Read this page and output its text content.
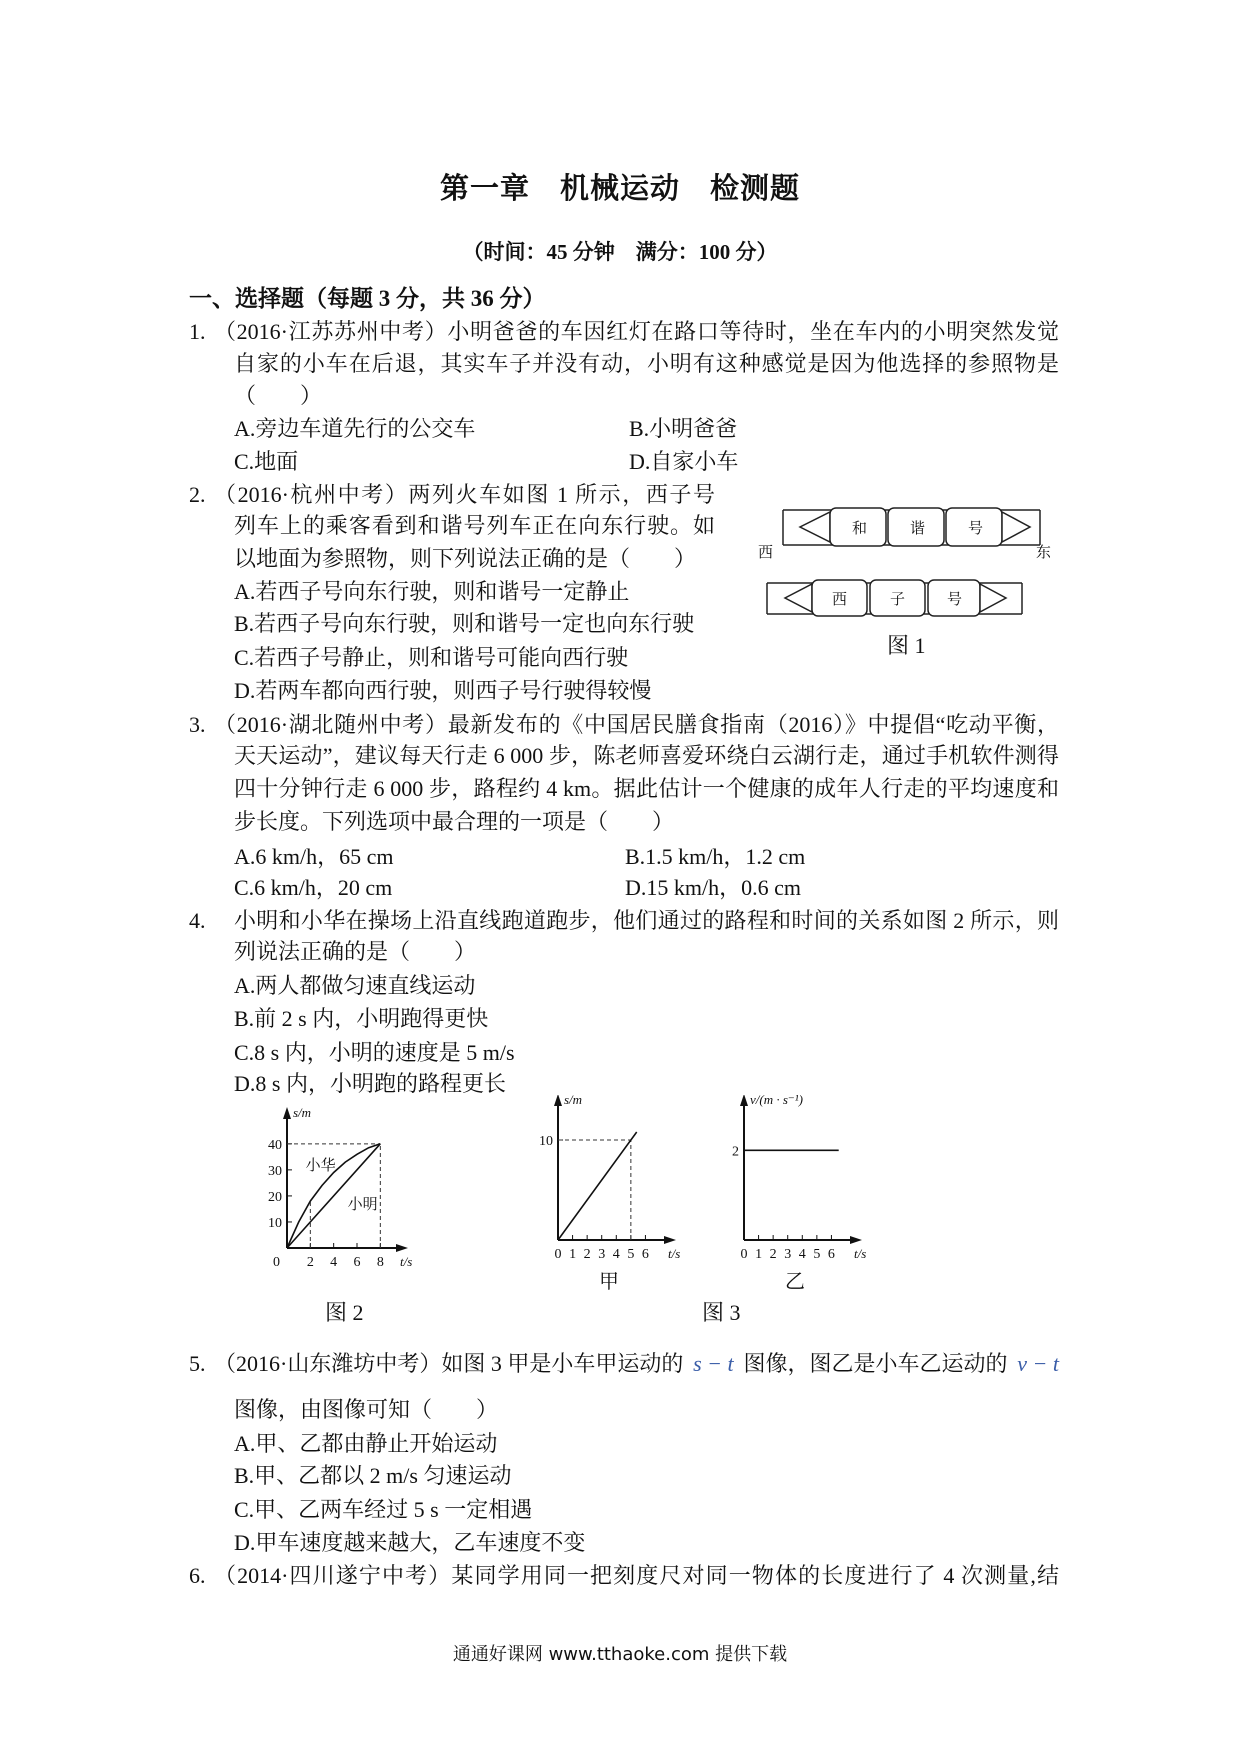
第一章　机械运动　检测题
（时间：45 分钟　满分：100 分）
一、选择题（每题 3 分，共 36 分）
1. （2016·江苏苏州中考）小明爸爸的车因红灯在路口等待时，坐在车内的小明突然发觉
自家的小车在后退，其实车子并没有动，小明有这种感觉是因为他选择的参照物是
（　　）
A.旁边车道先行的公交车	B.小明爸爸
C.地面	D.自家小车
2. （2016·杭州中考）两列火车如图 1 所示，西子号
列车上的乘客看到和谐号列车正在向东行驶。如
以地面为参照物，则下列说法正确的是（　　）
A.若西子号向东行驶，则和谐号一定静止
B.若西子号向东行驶，则和谐号一定也向东行驶
C.若西子号静止，则和谐号可能向西行驶
D.若两车都向西行驶，则西子号行驶得较慢
和	谐	号
西	东
西	子	号
图 1
3. （2016·湖北随州中考）最新发布的《中国居民膳食指南（2016）》中提倡“吃动平衡，
天天运动”，建议每天行走 6 000 步，陈老师喜爱环绕白云湖行走，通过手机软件测得
四十分钟行走 6 000 步，路程约 4 km。据此估计一个健康的成年人行走的平均速度和
步长度。下列选项中最合理的一项是（　　）
A.6 km/h，65 cm	B.1.5 km/h，1.2 cm
C.6 km/h，20 cm	D.15 km/h，0.6 cm
4. 小明和小华在操场上沿直线跑道跑步，他们通过的路程和时间的关系如图 2 所示，则
列说法正确的是（　　）
A.两人都做匀速直线运动
B.前 2 s 内，小明跑得更快
C.8 s 内，小明的速度是 5 m/s
D.8 s 内，小明跑的路程更长
2 4 6 8
10
20
30
40
0	t/s
s/m
小华
小明
0 1 2 3 4 5 6
10
t/s
s/m
甲
0 1 2 3 4 5 6
2
t/s
v/(m · s⁻¹)
乙
图 2	图 3
5. （2016·山东潍坊中考）如图 3 甲是小车甲运动的 s − t 图像，图乙是小车乙运动的 v − t
图像，由图像可知（　　）
A.甲、乙都由静止开始运动
B.甲、乙都以 2 m/s 匀速运动
C.甲、乙两车经过 5 s 一定相遇
D.甲车速度越来越大，乙车速度不变
6. （2014·四川遂宁中考）某同学用同一把刻度尺对同一物体的长度进行了 4 次测量,结
通通好课网 www.tthaoke.com 提供下载
